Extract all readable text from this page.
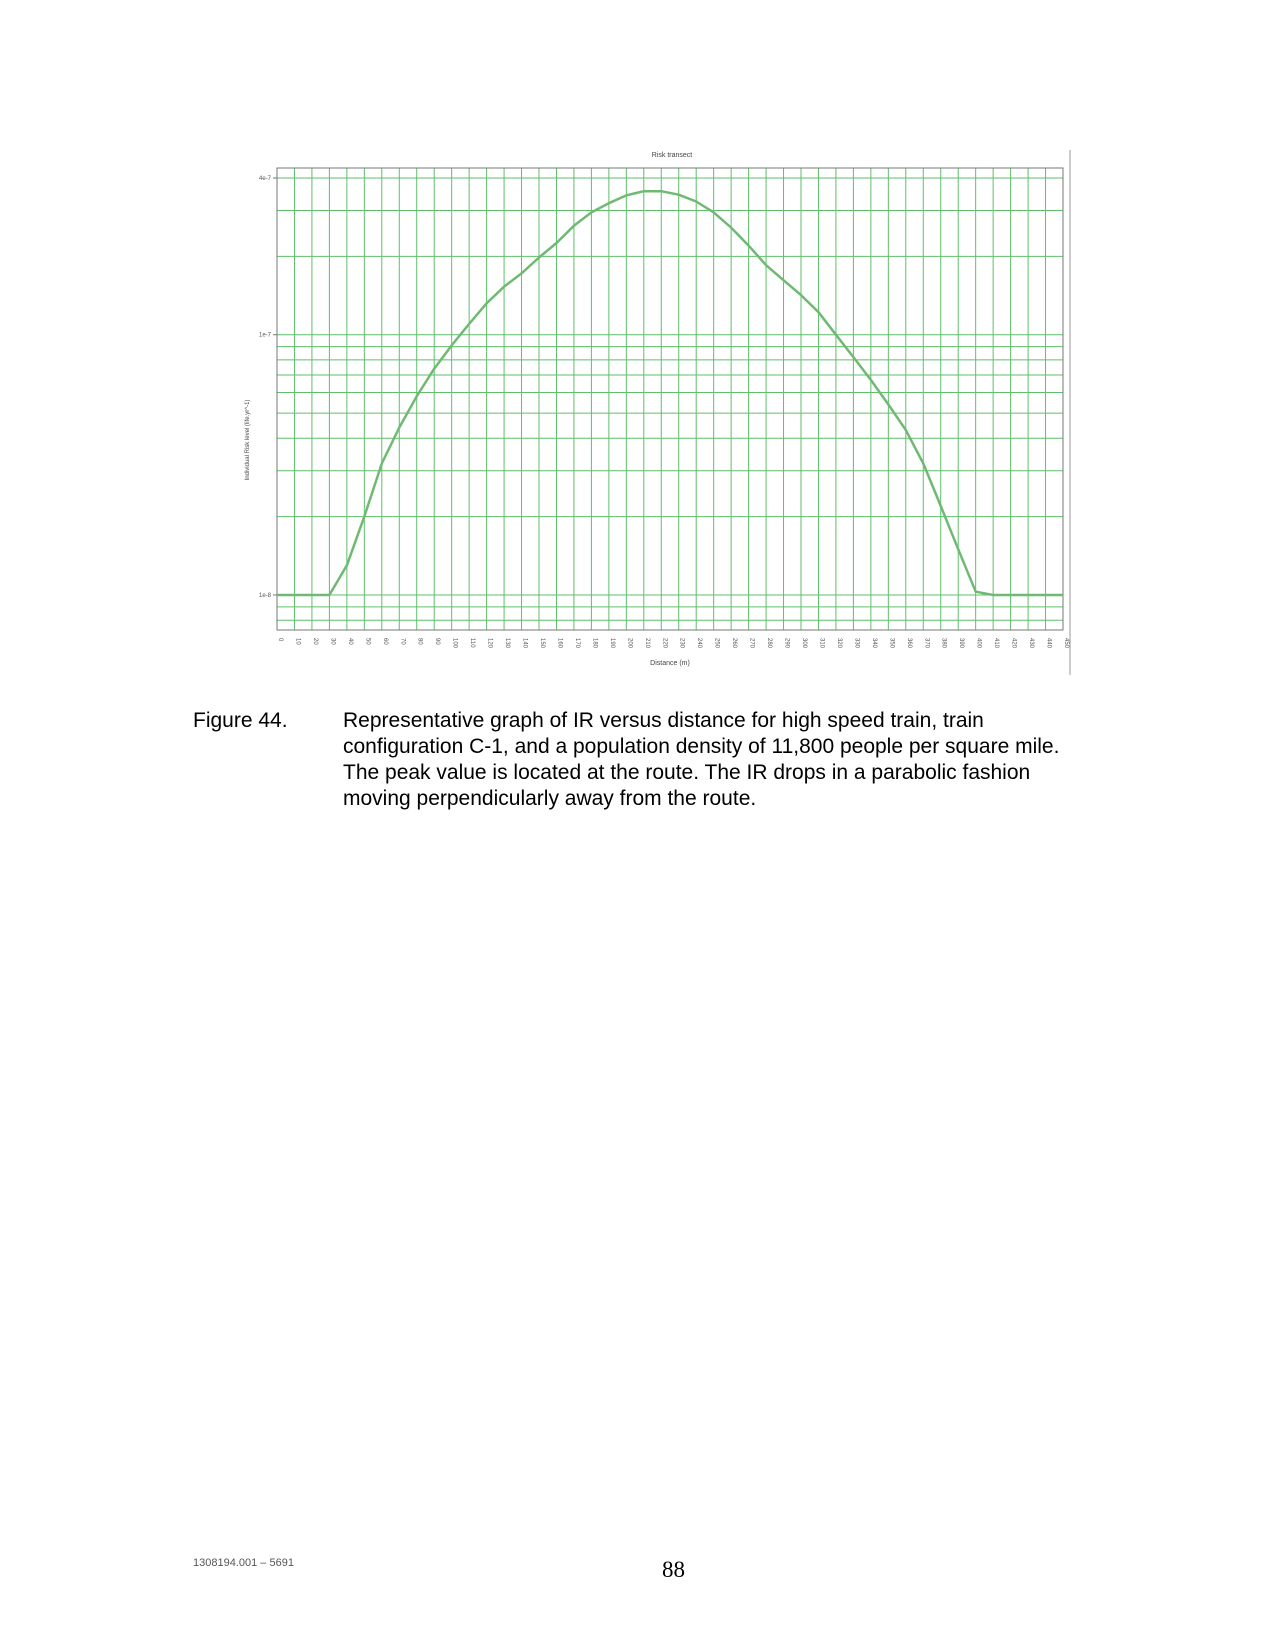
Risk transect
4e-7
1e-7
1e-8
0 10 20 30 40 50 60 70 80 90 100 110 120 130 140 150 160 170 180 190 200 210 220 230 240 250 260 270 280 290 300 310 320 330 340 350 360 370 380 390 400 410 420 430 440 450
Individual Risk level (life.yr^-1)
Distance (m)
Figure 44.	Representative graph of IR versus distance for high speed train, train configuration C-1, and a population density of 11,800 people per square mile. The peak value is located at the route. The IR drops in a parabolic fashion moving perpendicularly away from the route.
1308194.001 – 5691	88
